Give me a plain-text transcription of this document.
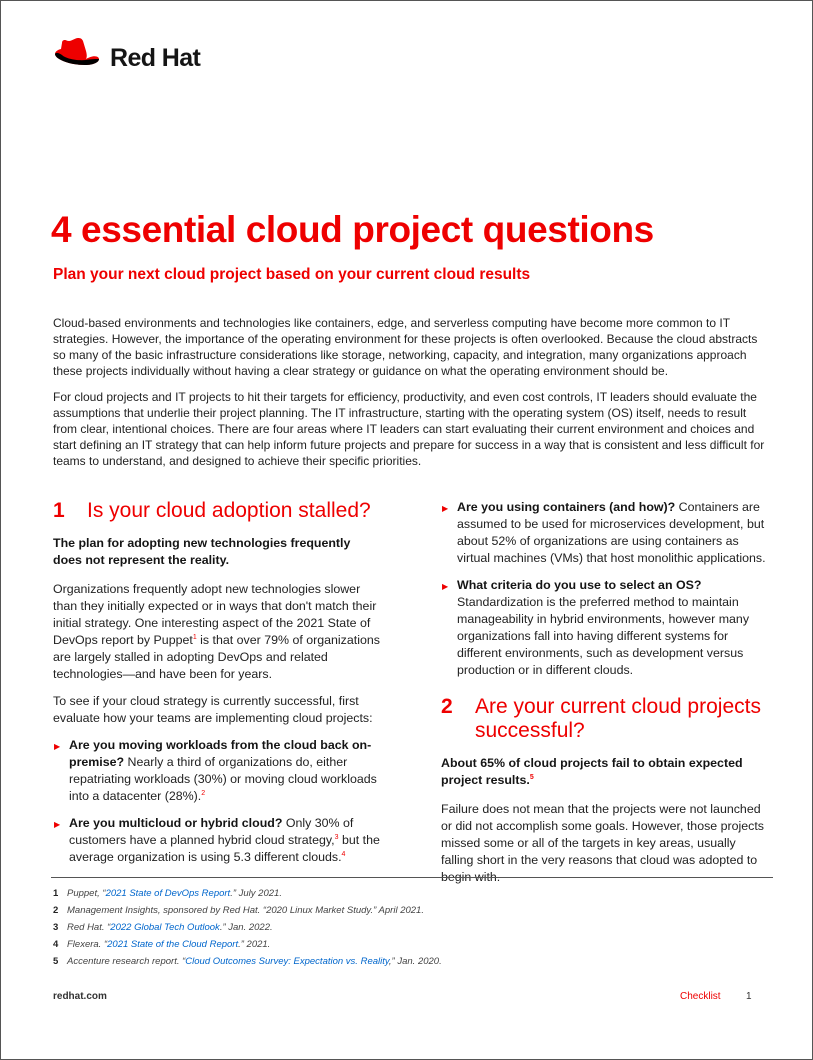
Red Hat
4 essential cloud project questions
Plan your next cloud project based on your current cloud results

Cloud-based environments and technologies like containers, edge, and serverless computing have become more common to IT strategies. However, the importance of the operating environment for these projects is often overlooked. Because the cloud abstracts so many of the basic infrastructure considerations like storage, networking, capacity, and integration, many organizations approach these projects individually without having a clear strategy or guidance on what the operating environment should be.

For cloud projects and IT projects to hit their targets for efficiency, productivity, and even cost controls, IT leaders should evaluate the assumptions that underlie their project planning. The IT infrastructure, starting with the operating system (OS) itself, needs to result from clear, intentional choices. There are four areas where IT leaders can start evaluating their current environment and choices and start defining an IT strategy that can help inform future projects and prepare for success in a way that is consistent and less difficult for teams to understand, and designed to achieve their specific priorities.

1	Is your cloud adoption stalled?

The plan for adopting new technologies frequently does not represent the reality.

Organizations frequently adopt new technologies slower than they initially expected or in ways that don't match their initial strategy. One interesting aspect of the 2021 State of DevOps report by Puppet$^1$ is that over 79% of organizations are largely stalled in adopting DevOps and related technologies—and have been for years.

To see if your cloud strategy is currently successful, first evaluate how your teams are implementing cloud projects:

▶ Are you moving workloads from the cloud back on-premise? Nearly a third of organizations do, either repatriating workloads (30%) or moving cloud workloads into a datacenter (28%).$^2$
▶ Are you multicloud or hybrid cloud? Only 30% of customers have a planned hybrid cloud strategy,$^3$ but the average organization is using 5.3 different clouds.$^4$
▶ Are you using containers (and how)? Containers are assumed to be used for microservices development, but about 52% of organizations are using containers as virtual machines (VMs) that host monolithic applications.
▶ What criteria do you use to select an OS? Standardization is the preferred method to maintain manageability in hybrid environments, however many organizations fall into having different systems for different environments, such as development versus production or in different clouds.
2	Are your current cloud projects successful?

About 65% of cloud projects fail to obtain expected project results.$^5$

Failure does not mean that the projects were not launched or did not accomplish some goals. However, those projects missed some or all of the targets in key areas, usually falling short in the very reasons that cloud was adopted to begin with.

1 Puppet, “2021 State of DevOps Report.” July 2021.
2 Management Insights, sponsored by Red Hat. “2020 Linux Market Study.” April 2021.
3 Red Hat. “2022 Global Tech Outlook.” Jan. 2022.
4 Flexera. “2021 State of the Cloud Report.” 2021.
5 Accenture research report. “Cloud Outcomes Survey: Expectation vs. Reality,” Jan. 2020.
redhat.com	Checklist	1
